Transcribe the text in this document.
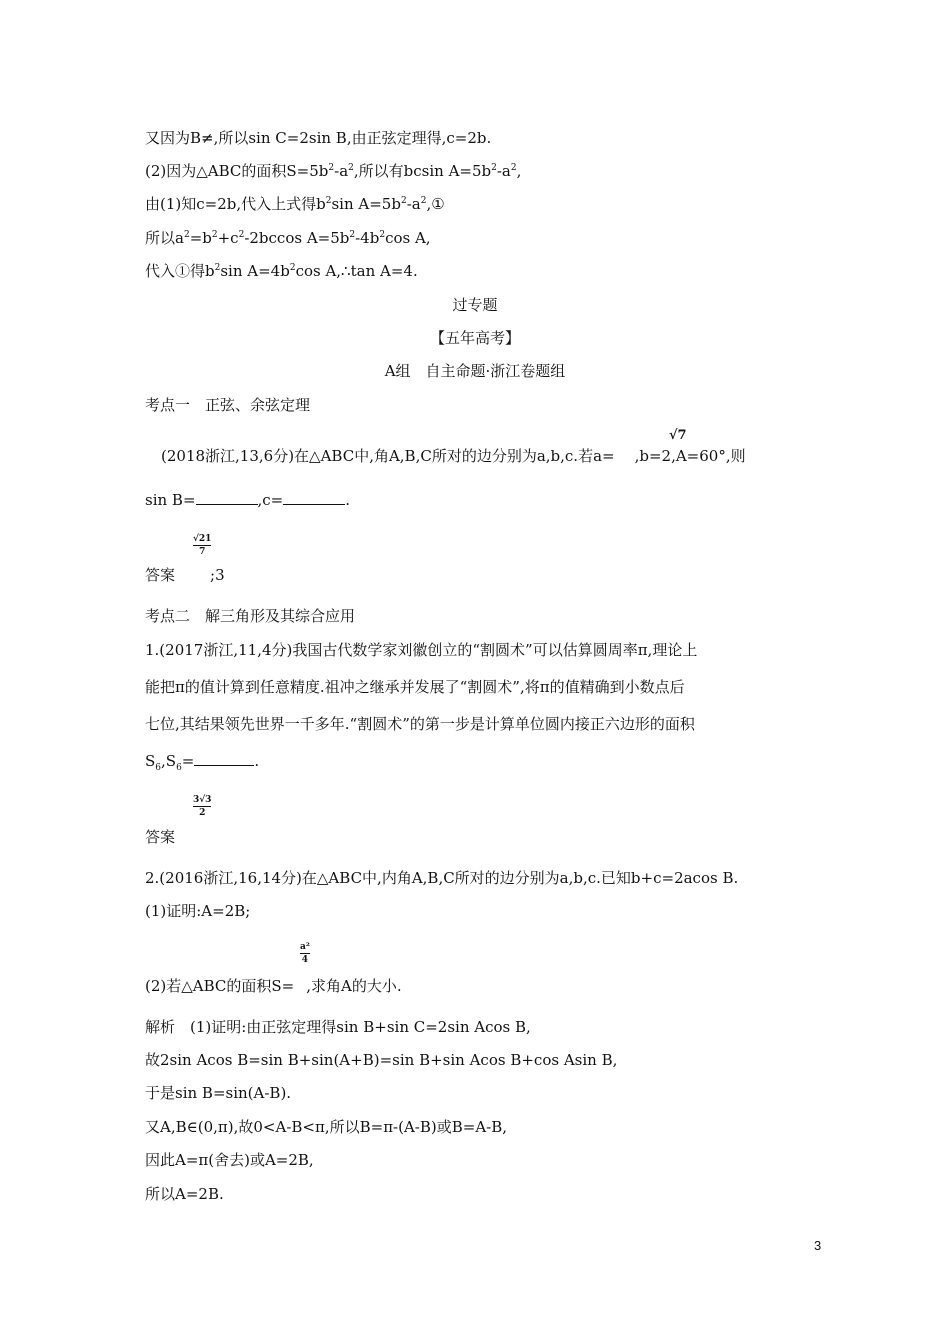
又因为B≠,所以sin C=2sin B,由正弦定理得,c=2b.
(2)因为△ABC的面积$S=5b^2-a^2$,所以有bcsin $A=5b^2-a^2$,
由(1)知c=2b,代入上式得$b^2\sin$ $A=5b^2-a^2,①$
所以$a^2=b^2+c^2-2bccos$ $A=5b^2-4b^2\cos$ A,
代入①得$b^2\sin$ $A=4b^2\cos$ A,∴tan A=4.
过专题
【五年高考】
A组　自主命题·浙江卷题组
考点一　正弦、余弦定理
√7
(2018浙江,13,6分)在△ABC中,角A,B,C所对的边分别为a,b,c.若a= ,b=2,A=60°,则
sin B=	,c=	.
√21
7
答案 ;3
考点二　解三角形及其综合应用
1.(2017浙江,11,4分)我国古代数学家刘徽创立的“割圆术”可以估算圆周率π,理论上
能把π的值计算到任意精度.祖冲之继承并发展了“割圆术”,将π的值精确到小数点后
七位,其结果领先世界一千多年.“割圆术”的第一步是计算单位圆内接正六边形的面积
$S_6,S_6=$	.
3√3
2
答案
2.(2016浙江,16,14分)在△ABC中,内角A,B,C所对的边分别为a,b,c.已知b+c=2acos B.
(1)证明:A=2B;
a²
4
(2)若△ABC的面积S= ,求角A的大小.
解析　(1)证明:由正弦定理得sin B+sin C=2sin Acos B,
故2sin Acos B=sin B+sin(A+B)=sin B+sin Acos B+cos Asin B,
于是sin B=sin(A-B).
又A,B∈(0,π),故0<A-B<π,所以B=π-(A-B)或B=A-B,
因此A=π(舍去)或A=2B,
所以A=2B.
3
